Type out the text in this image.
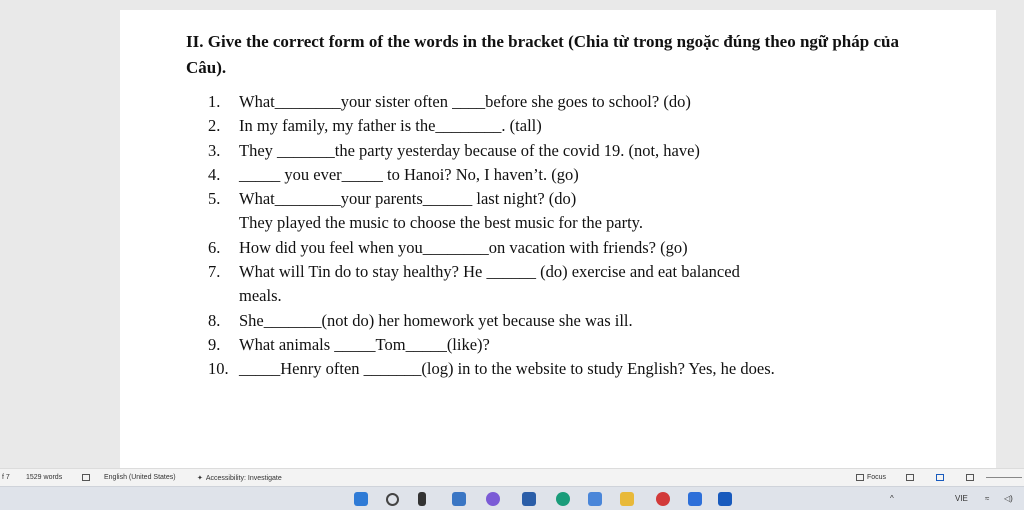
II. Give the correct form of the words in the bracket (Chia từ trong ngoặc đúng theo ngữ pháp của Câu).
1.	What________your sister often ____before she goes to school? (do)
2.	In my family, my father is the________. (tall)
3.	They _______the party yesterday because of the covid 19. (not, have)
4.	_____ you ever_____ to Hanoi? No, I haven’t. (go)
5.	What________your parents______ last night? (do)
They played the music to choose the best music for the party.
6.	How did you feel when you________on vacation with friends? (go)
7.	What will Tin do to stay healthy? He ______ (do) exercise and eat balanced
meals.
8.	She_______(not do) her homework yet because she was ill.
9.	What animals _____Tom_____(like)?
10. _____Henry often _______(log) in to the website to study English? Yes, he does.
f 7 1529 words	English (United States)	✦ Accessibility: Investigate	Focus
^	VIE ≈ ◁)
